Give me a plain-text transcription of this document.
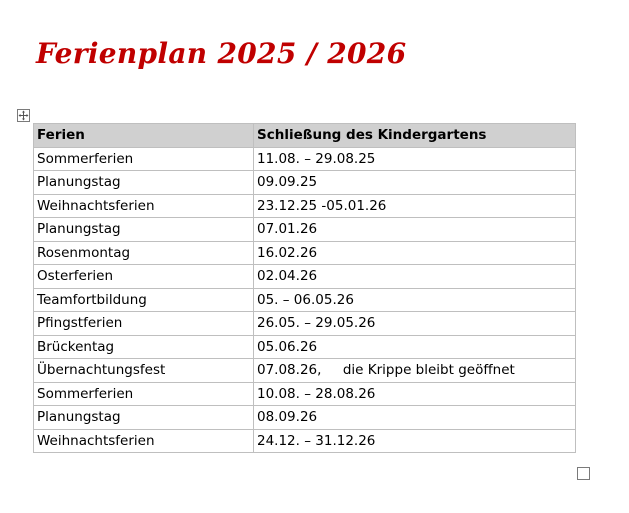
Ferienplan 2025 / 2026
Ferien	Schließung des Kindergartens
Sommerferien	11.08. – 29.08.25
Planungstag	09.09.25
Weihnachtsferien	23.12.25 -05.01.26
Planungstag	07.01.26
Rosenmontag	16.02.26
Osterferien	02.04.26
Teamfortbildung	05. – 06.05.26
Pfingstferien	26.05. – 29.05.26
Brückentag	05.06.26
Übernachtungsfest	07.08.26,     die Krippe bleibt geöffnet
Sommerferien	10.08. – 28.08.26
Planungstag	08.09.26
Weihnachtsferien	24.12. – 31.12.26
